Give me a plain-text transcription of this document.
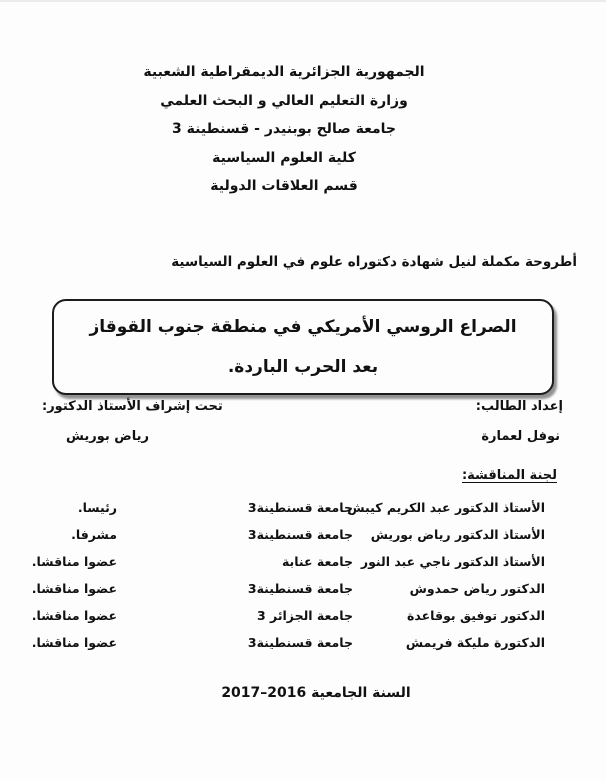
الجمهورية الجزائرية الديمقراطية الشعبية
وزارة التعليم العالي و البحث العلمي
جامعة صالح بوبنيدر - قسنطينة 3
كلية العلوم السياسية
قسم العلاقات الدولية
أطروحة مكملة لنيل شهادة دكتوراه علوم في العلوم السياسية
الصراع الروسي الأمريكي في منطقة جنوب القوقاز بعد الحرب الباردة.
إعداد الطالب:
نوفل لعمارة
تحت إشراف الأستاذ الدكتور:
رياض بوريش
لجنة المناقشة:
الأستاذ الدكتور عبد الكريم كيبش
جامعة قسنطينة3
رئيسا.
الأستاذ الدكتور رياض بوريش
جامعة قسنطينة3
مشرفا.
الأستاذ الدكتور ناجي عبد النور
جامعة عنابة
عضوا مناقشا.
الدكتور رياض حمدوش
جامعة قسنطينة3
عضوا مناقشا.
الدكتور توفيق بوقاعدة
جامعة الجزائر 3
عضوا مناقشا.
الدكتورة مليكة فريمش
جامعة قسنطينة3
عضوا مناقشا.
السنة الجامعية 2016–2017
